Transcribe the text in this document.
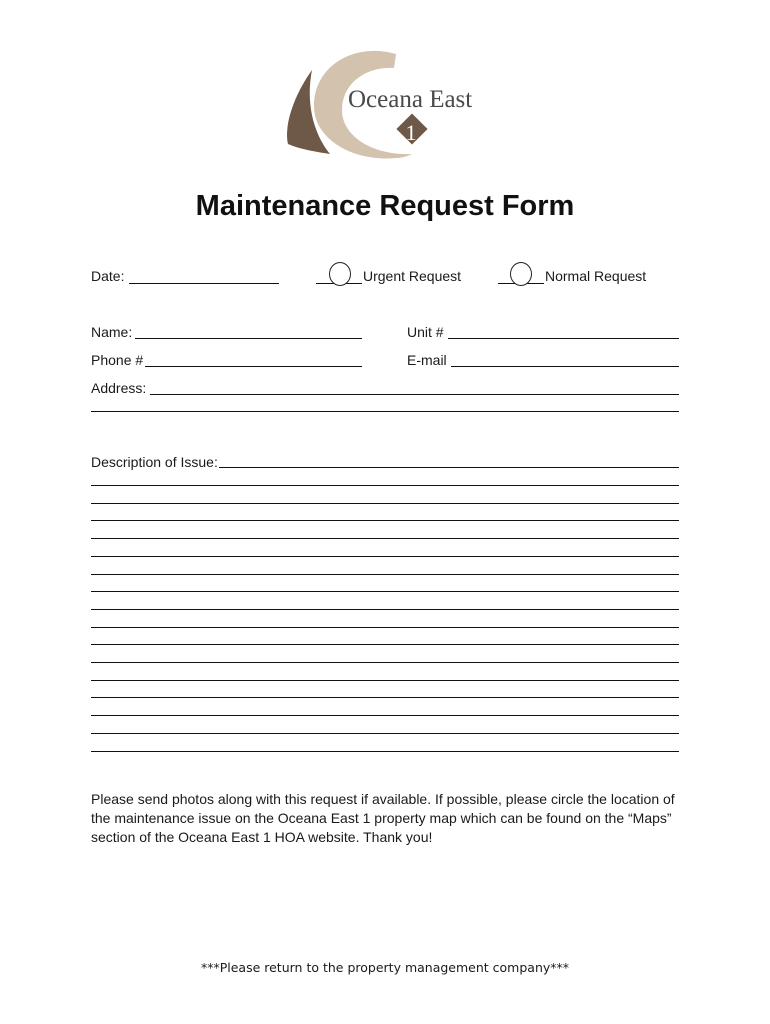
Oceana East
1
Maintenance Request Form
Date:	Urgent Request	Normal Request
Name:	Unit #
Phone #	E-mail
Address:
Description of Issue:
Please send photos along with this request if available. If possible, please circle the location of the maintenance issue on the Oceana East 1 property map which can be found on the “Maps” section of the Oceana East 1 HOA website. Thank you!
***Please return to the property management company***
